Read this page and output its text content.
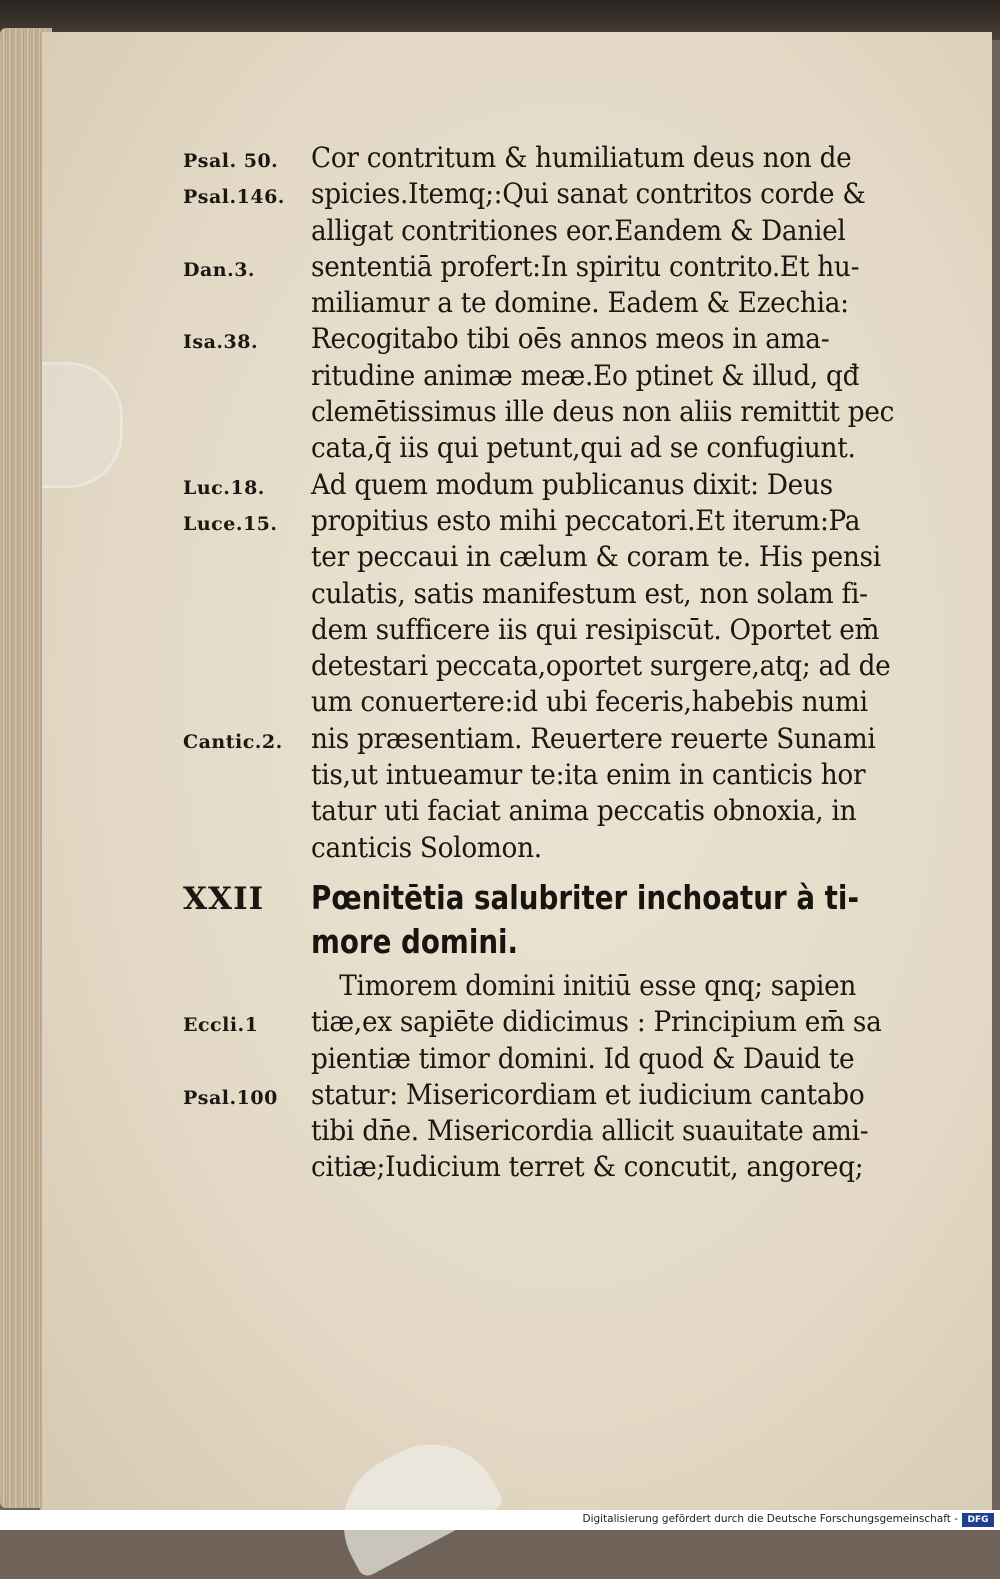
Psal. 50.	Cor contritum & humiliatum deus non de
Psal.146. spicies.Itemq;:Qui sanat contritos corde &
alligat contritiones eor.Eandem & Daniel
Dan.3.	sententiā profert:In spiritu contrito.Et hu-
miliamur a te domine. Eadem & Ezechia:
Isa.38.	Recogitabo tibi oēs annos meos in ama-
ritudine animæ meæ.Eo ptinet & illud, qđ
clemētissimus ille deus non aliis remittit pec
cata,q̄ iis qui petunt,qui ad se confugiunt.
Luc.18.	Ad quem modum publicanus dixit: Deus
Luce.15.	propitius esto mihi peccatori.Et iterum:Pa
ter peccaui in cælum & coram te. His pensi
culatis, satis manifestum est, non solam fi-
dem sufficere iis qui resipiscūt. Oportet em̄
detestari peccata,oportet surgere,atq; ad de
um conuertere:id ubi feceris,habebis numi
Cantic.2.	nis præsentiam. Reuertere reuerte Sunami
tis,ut intueamur te:ita enim in canticis hor
tatur uti faciat anima peccatis obnoxia, in
canticis Solomon.
XXII	Pœnitētia salubriter inchoatur à ti-
more domini.
Timorem domini initiū esse qnq; sapien
Eccli.1	tiæ,ex sapiēte didicimus : Principium em̄ sa
pientiæ timor domini. Id quod & Dauid te
Psal.100	statur: Misericordiam et iudicium cantabo
tibi dn̄e. Misericordia allicit suauitate ami-
citiæ;Iudicium terret & concutit, angoreq;
Digitalisierung gefördert durch die Deutsche Forschungsgemeinschaft -	DFG
